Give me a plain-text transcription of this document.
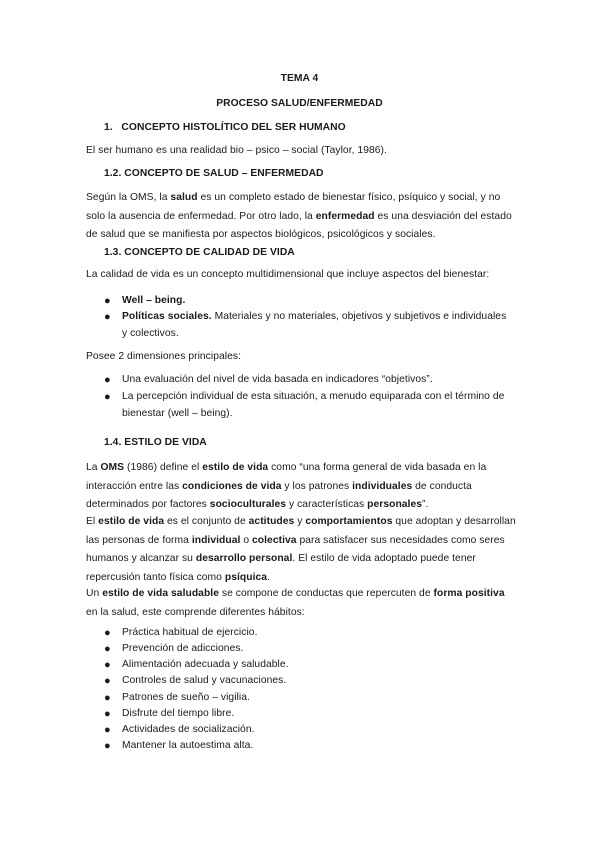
TEMA 4
PROCESO SALUD/ENFERMEDAD
1. CONCEPTO HISTOLÍTICO DEL SER HUMANO
El ser humano es una realidad bio – psico – social (Taylor, 1986).
1.2. CONCEPTO DE SALUD – ENFERMEDAD
Según la OMS, la salud es un completo estado de bienestar físico, psíquico y social, y no solo la ausencia de enfermedad. Por otro lado, la enfermedad es una desviación del estado de salud que se manifiesta por aspectos biológicos, psicológicos y sociales.
1.3. CONCEPTO DE CALIDAD DE VIDA
La calidad de vida es un concepto multidimensional que incluye aspectos del bienestar:
● Well – being.
● Políticas sociales. Materiales y no materiales, objetivos y subjetivos e individuales y colectivos.
Posee 2 dimensiones principales:
● Una evaluación del nivel de vida basada en indicadores “objetivos”.
● La percepción individual de esta situación, a menudo equiparada con el término de bienestar (well – being).
1.4. ESTILO DE VIDA
La OMS (1986) define el estilo de vida como “una forma general de vida basada en la interacción entre las condiciones de vida y los patrones individuales de conducta determinados por factores socioculturales y características personales”.
El estilo de vida es el conjunto de actitudes y comportamientos que adoptan y desarrollan las personas de forma individual o colectiva para satisfacer sus necesidades como seres humanos y alcanzar su desarrollo personal. El estilo de vida adoptado puede tener repercusión tanto física como psíquica.
Un estilo de vida saludable se compone de conductas que repercuten de forma positiva en la salud, este comprende diferentes hábitos:
● Práctica habitual de ejercicio.
● Prevención de adicciones.
● Alimentación adecuada y saludable.
● Controles de salud y vacunaciones.
● Patrones de sueño – vigilia.
● Disfrute del tiempo libre.
● Actividades de socialización.
● Mantener la autoestima alta.
